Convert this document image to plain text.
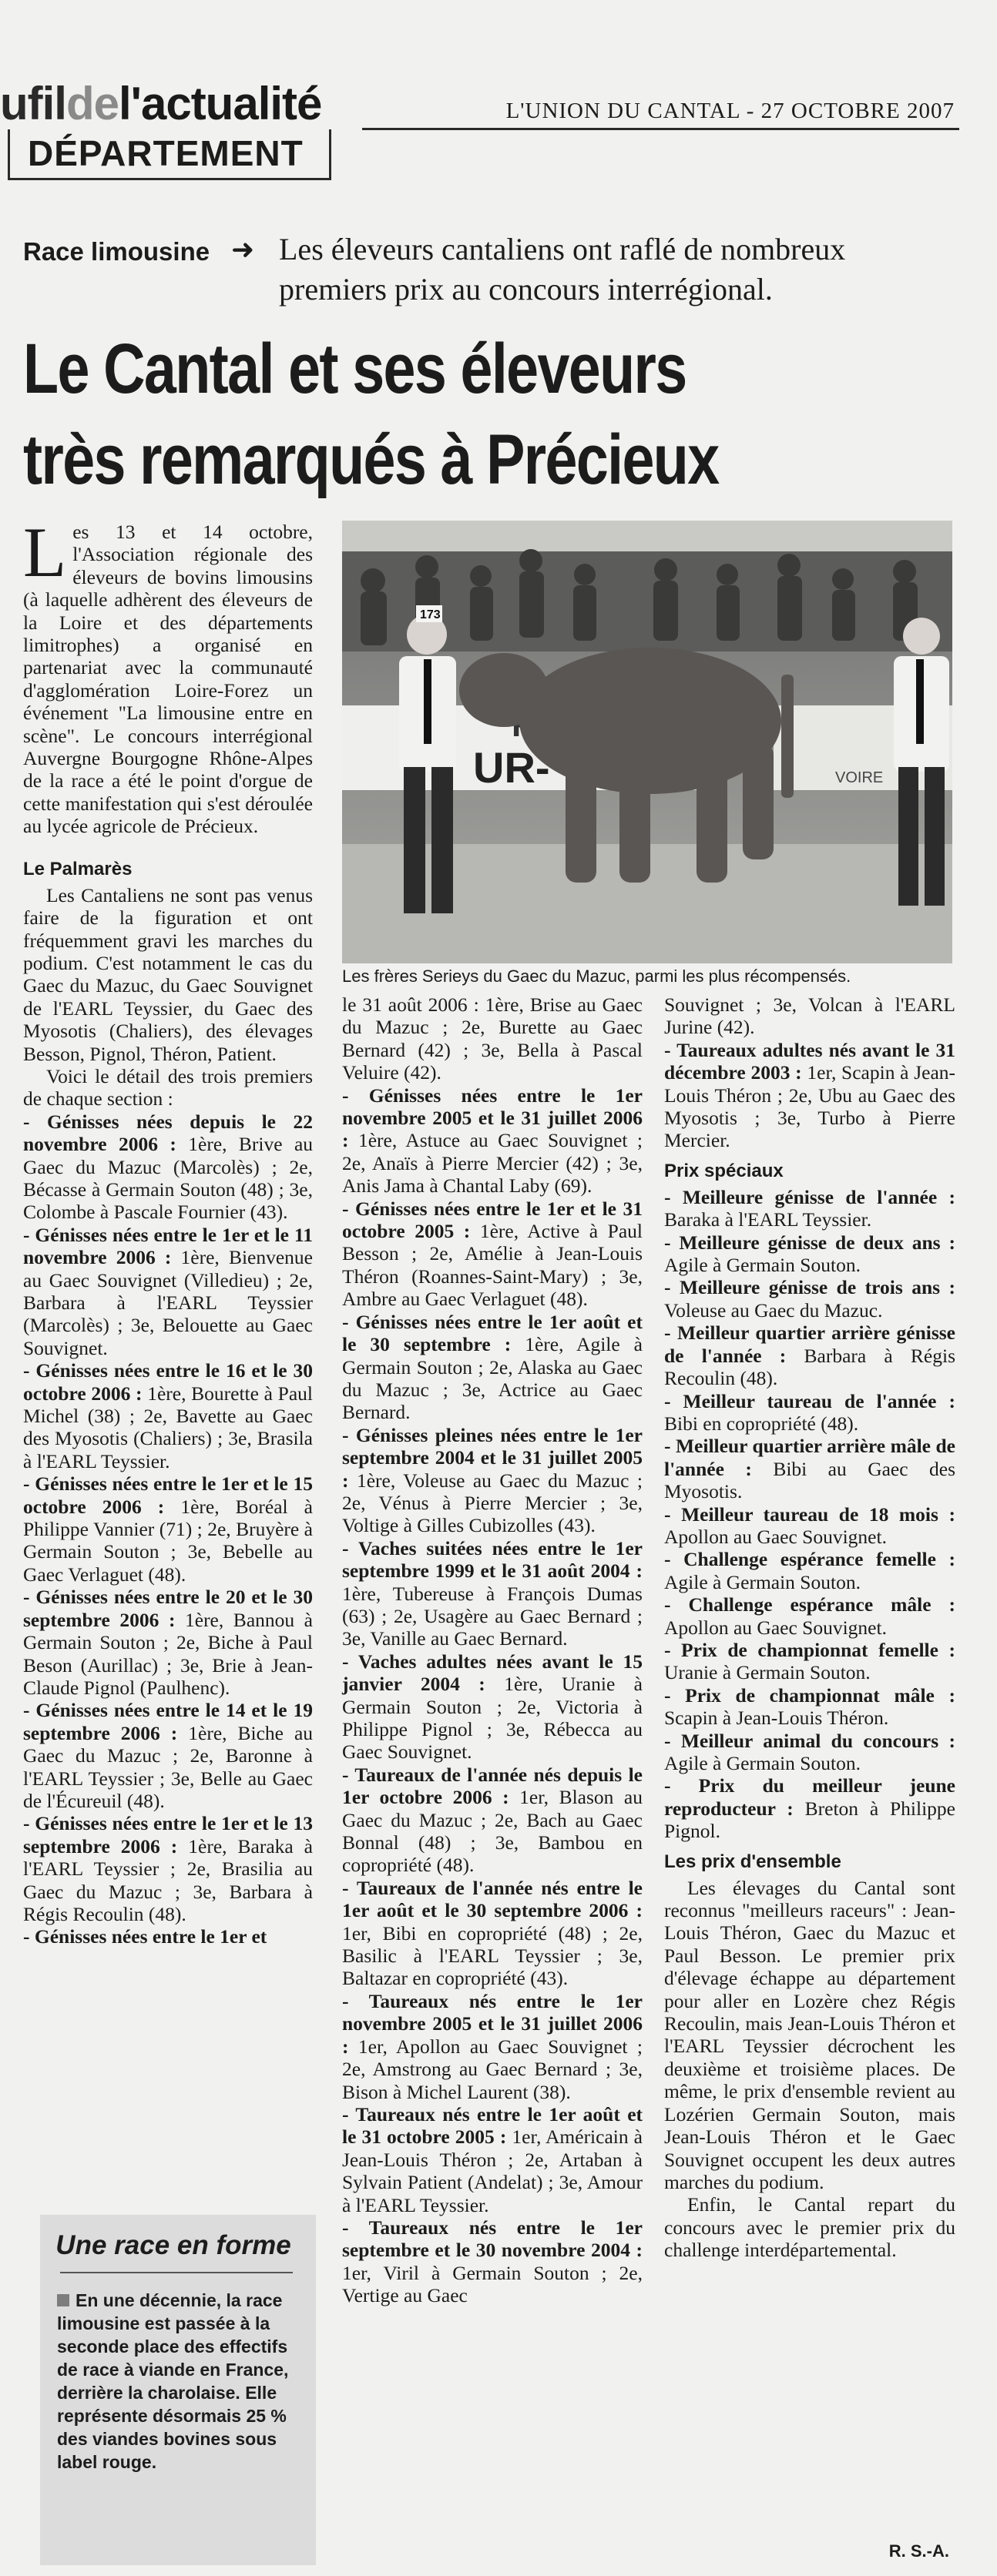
ufildel'actualité
DÉPARTEMENT
L'UNION DU CANTAL - 27 OCTOBRE 2007
Race limousine ➜ Les éleveurs cantaliens ont raflé de nombreux premiers prix au concours interrégional.
Le Cantal et ses éleveurs
très remarqués à Précieux

Les 13 et 14 octobre, l'Association régionale des éleveurs de bovins limousins (à laquelle adhèrent des éleveurs de la Loire et des départements limitrophes) a organisé en partenariat avec la communauté d'agglomération Loire-Forez un événement "La limousine entre en scène". Le concours interrégional Auvergne Bourgogne Rhône-Alpes de la race a été le point d'orgue de cette manifestation qui s'est déroulée au lycée agricole de Précieux.

Le Palmarès

Les Cantaliens ne sont pas venus faire de la figuration et ont fréquemment gravi les marches du podium. C'est notamment le cas du Gaec du Mazuc, du Gaec Souvignet de l'EARL Teyssier, du Gaec des Myosotis (Chaliers), des élevages Besson, Pignol, Théron, Patient.

Voici le détail des trois premiers de chaque section :

- Génisses nées depuis le 22 novembre 2006 : 1ère, Brive au Gaec du Mazuc (Marcolès) ; 2e, Bécasse à Germain Souton (48) ; 3e, Colombe à Pascale Fournier (43).

- Génisses nées entre le 1er et le 11 novembre 2006 : 1ère, Bienvenue au Gaec Souvignet (Villedieu) ; 2e, Barbara à l'EARL Teyssier (Marcolès) ; 3e, Belouette au Gaec Souvignet.

- Génisses nées entre le 16 et le 30 octobre 2006 : 1ère, Bourette à Paul Michel (38) ; 2e, Bavette au Gaec des Myosotis (Chaliers) ; 3e, Brasila à l'EARL Teyssier.

- Génisses nées entre le 1er et le 15 octobre 2006 : 1ère, Boréal à Philippe Vannier (71) ; 2e, Bruyère à Germain Souton ; 3e, Bebelle au Gaec Verlaguet (48).

- Génisses nées entre le 20 et le 30 septembre 2006 : 1ère, Bannou à Germain Souton ; 2e, Biche à Paul Beson (Aurillac) ; 3e, Brie à Jean-Claude Pignol (Paulhenc).

- Génisses nées entre le 14 et le 19 septembre 2006 : 1ère, Biche au Gaec du Mazuc ; 2e, Baronne à l'EARL Teyssier ; 3e, Belle au Gaec de l'Écureuil (48).

- Génisses nées entre le 1er et le 13 septembre 2006 : 1ère, Baraka à l'EARL Teyssier ; 2e, Brasilia au Gaec du Mazuc ; 3e, Barbara à Régis Recoulin (48).

- Génisses nées entre le 1er et

UR-	VOIRE
173
Les frères Serieys du Gaec du Mazuc, parmi les plus récompensés.

le 31 août 2006 : 1ère, Brise au Gaec du Mazuc ; 2e, Burette au Gaec Bernard (42) ; 3e, Bella à Pascal Veluire (42).

- Génisses nées entre le 1er novembre 2005 et le 31 juillet 2006 : 1ère, Astuce au Gaec Souvignet ; 2e, Anaïs à Pierre Mercier (42) ; 3e, Anis Jama à Chantal Laby (69).

- Génisses nées entre le 1er et le 31 octobre 2005 : 1ère, Active à Paul Besson ; 2e, Amélie à Jean-Louis Théron (Roannes-Saint-Mary) ; 3e, Ambre au Gaec Verlaguet (48).

- Génisses nées entre le 1er août et le 30 septembre : 1ère, Agile à Germain Souton ; 2e, Alaska au Gaec du Mazuc ; 3e, Actrice au Gaec Bernard.

- Génisses pleines nées entre le 1er septembre 2004 et le 31 juillet 2005 : 1ère, Voleuse au Gaec du Mazuc ; 2e, Vénus à Pierre Mercier ; 3e, Voltige à Gilles Cubizolles (43).

- Vaches suitées nées entre le 1er septembre 1999 et le 31 août 2004 : 1ère, Tubereuse à François Dumas (63) ; 2e, Usagère au Gaec Bernard ; 3e, Vanille au Gaec Bernard.

- Vaches adultes nées avant le 15 janvier 2004 : 1ère, Uranie à Germain Souton ; 2e, Victoria à Philippe Pignol ; 3e, Rébecca au Gaec Souvignet.

- Taureaux de l'année nés depuis le 1er octobre 2006 : 1er, Blason au Gaec du Mazuc ; 2e, Bach au Gaec Bonnal (48) ; 3e, Bambou en copropriété (48).

- Taureaux de l'année nés entre le 1er août et le 30 septembre 2006 : 1er, Bibi en copropriété (48) ; 2e, Basilic à l'EARL Teyssier ; 3e, Baltazar en copropriété (43).

- Taureaux nés entre le 1er novembre 2005 et le 31 juillet 2006 : 1er, Apollon au Gaec Souvignet ; 2e, Amstrong au Gaec Bernard ; 3e, Bison à Michel Laurent (38).

- Taureaux nés entre le 1er août et le 31 octobre 2005 : 1er, Américain à Jean-Louis Théron ; 2e, Artaban à Sylvain Patient (Andelat) ; 3e, Amour à l'EARL Teyssier.

- Taureaux nés entre le 1er septembre et le 30 novembre 2004 : 1er, Viril à Germain Souton ; 2e, Vertige au Gaec

Souvignet ; 3e, Volcan à l'EARL Jurine (42).

- Taureaux adultes nés avant le 31 décembre 2003 : 1er, Scapin à Jean-Louis Théron ; 2e, Ubu au Gaec des Myosotis ; 3e, Turbo à Pierre Mercier.

Prix spéciaux

- Meilleure génisse de l'année : Baraka à l'EARL Teyssier.

- Meilleure génisse de deux ans : Agile à Germain Souton.

- Meilleure génisse de trois ans : Voleuse au Gaec du Mazuc.

- Meilleur quartier arrière génisse de l'année : Barbara à Régis Recoulin (48).

- Meilleur taureau de l'année : Bibi en copropriété (48).

- Meilleur quartier arrière mâle de l'année : Bibi au Gaec des Myosotis.

- Meilleur taureau de 18 mois : Apollon au Gaec Souvignet.

- Challenge espérance femelle : Agile à Germain Souton.

- Challenge espérance mâle : Apollon au Gaec Souvignet.

- Prix de championnat femelle : Uranie à Germain Souton.

- Prix de championnat mâle : Scapin à Jean-Louis Théron.

- Meilleur animal du concours : Agile à Germain Souton.

- Prix du meilleur jeune reproducteur : Breton à Philippe Pignol.

Les prix d'ensemble

Les élevages du Cantal sont reconnus "meilleurs raceurs" : Jean-Louis Théron, Gaec du Mazuc et Paul Besson. Le premier prix d'élevage échappe au département pour aller en Lozère chez Régis Recoulin, mais Jean-Louis Théron et l'EARL Teyssier décrochent les deuxième et troisième places. De même, le prix d'ensemble revient au Lozérien Germain Souton, mais Jean-Louis Théron et le Gaec Souvignet occupent les deux autres marches du podium.

Enfin, le Cantal repart du concours avec le premier prix du challenge interdépartemental.

R. S.-A.
Une race en forme
En une décennie, la race limousine est passée à la seconde place des effectifs de race à viande en France, derrière la charolaise. Elle représente désormais 25 % des viandes bovines sous label rouge.
